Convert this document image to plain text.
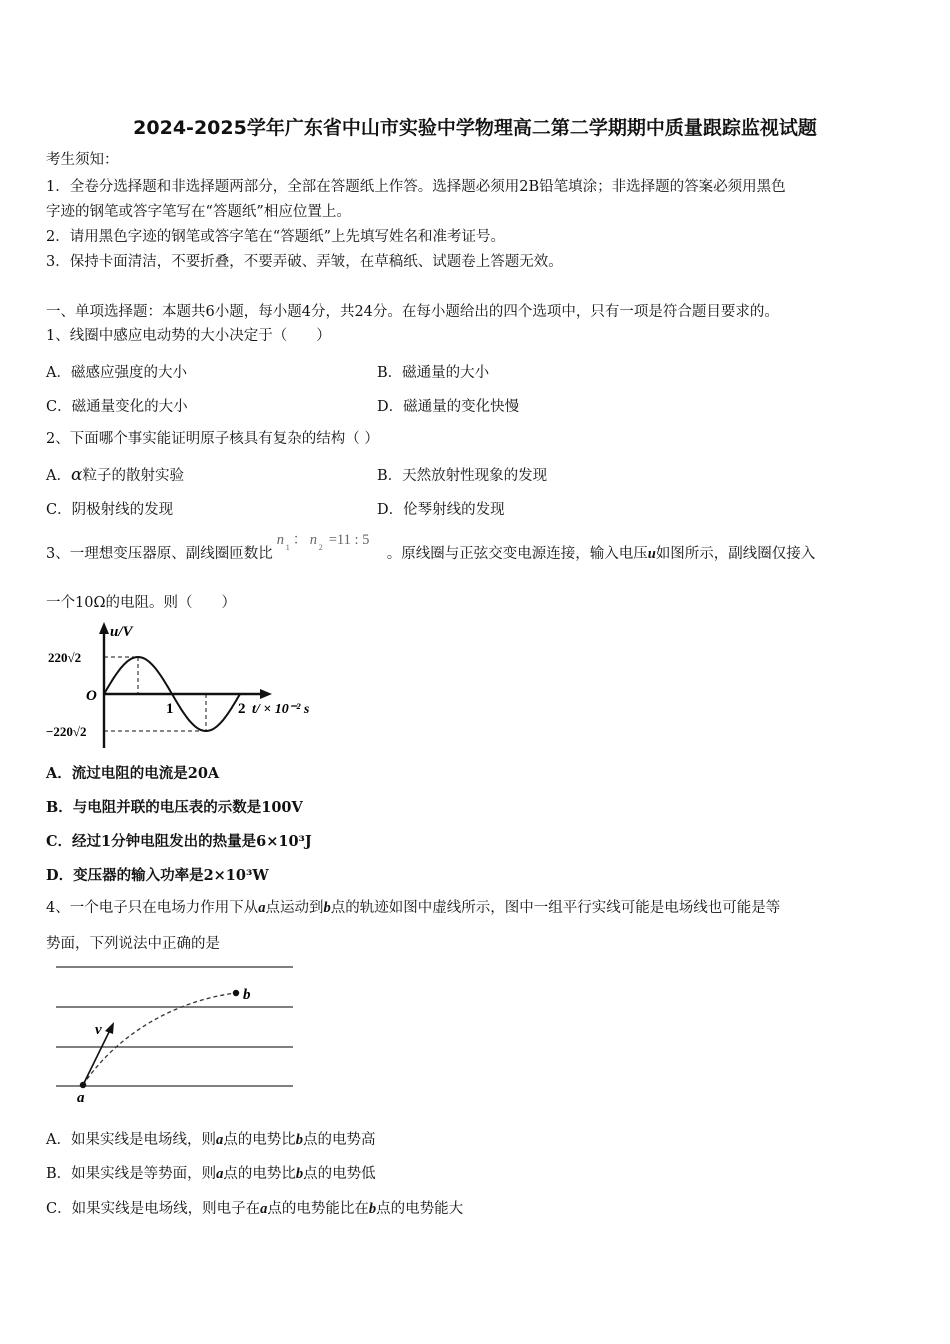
2024-2025学年广东省中山市实验中学物理高二第二学期期中质量跟踪监视试题
考生须知：
1．全卷分选择题和非选择题两部分，全部在答题纸上作答。选择题必须用2B铅笔填涂；非选择题的答案必须用黑色
字迹的钢笔或答字笔写在“答题纸”相应位置上。
2．请用黑色字迹的钢笔或答字笔在“答题纸”上先填写姓名和准考证号。
3．保持卡面清洁，不要折叠，不要弄破、弄皱，在草稿纸、试题卷上答题无效。
一、单项选择题：本题共6小题，每小题4分，共24分。在每小题给出的四个选项中，只有一项是符合题目要求的。
1、线圈中感应电动势的大小决定于（　　）
A．磁感应强度的大小	B．磁通量的大小
C．磁通量变化的大小	D．磁通量的变化快慢
2、下面哪个事实能证明原子核具有复杂的结构（ ）
A．α粒子的散射实验	B．天然放射性现象的发现
C．阴极射线的发现	D．伦琴射线的发现
3、一理想变压器原、副线圈匝数比
n 1 ： n 2 =11 : 5
。原线圈与正弦交变电源连接，输入电压u如图所示，副线圈仅接入
一个10Ω的电阻。则（　　）
u/V
220√2
O
1	2 t/ × 10⁻² s
−220√2
A．流过电阻的电流是20A
B．与电阻并联的电压表的示数是100V
C．经过1分钟电阻发出的热量是6×10³J
D．变压器的输入功率是2×10³W
4、一个电子只在电场力作用下从a点运动到b点的轨迹如图中虚线所示，图中一组平行实线可能是电场线也可能是等
势面，下列说法中正确的是
v
a
b
A．如果实线是电场线，则a点的电势比b点的电势高
B．如果实线是等势面，则a点的电势比b点的电势低
C．如果实线是电场线，则电子在a点的电势能比在b点的电势能大
